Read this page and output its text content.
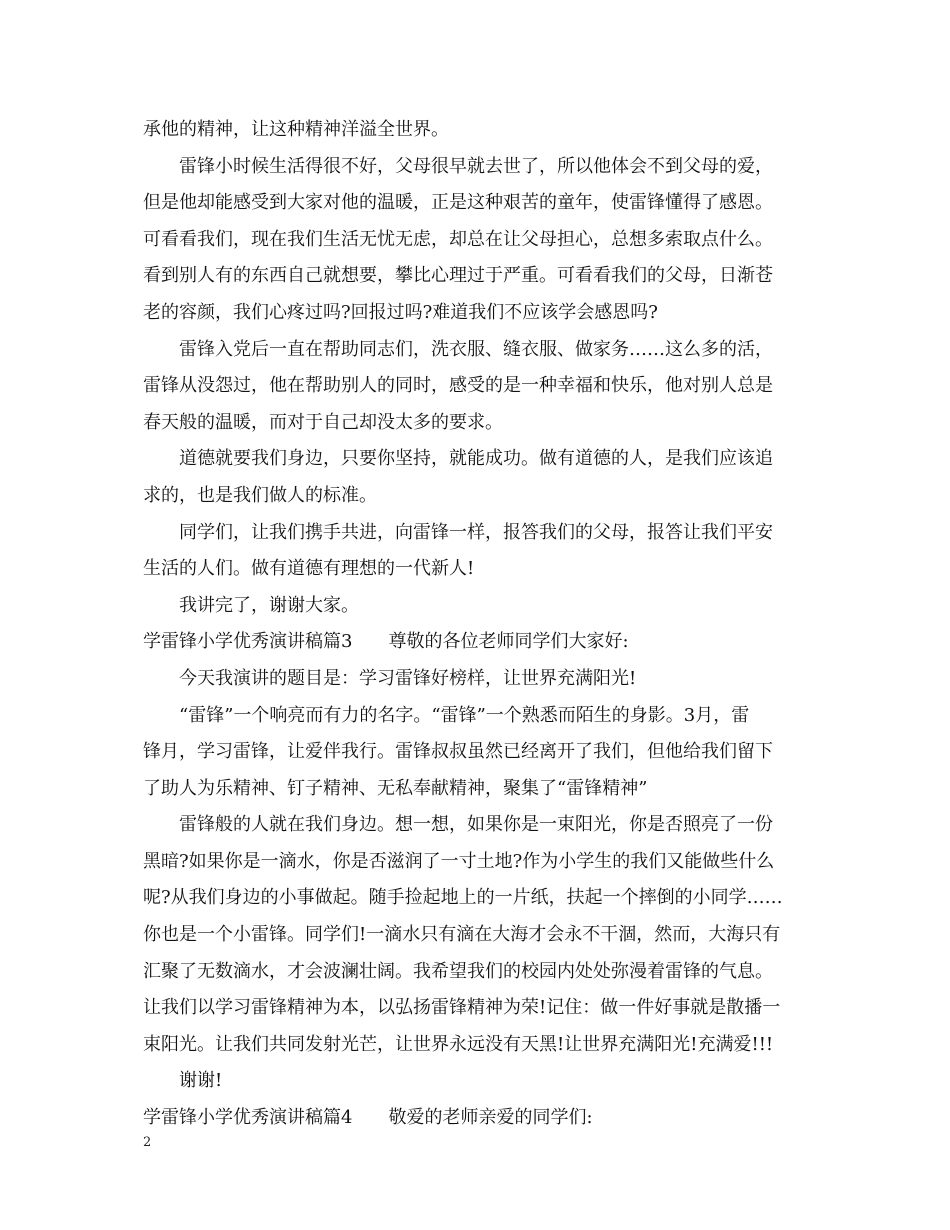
承他的精神，让这种精神洋溢全世界。
雷锋小时候生活得很不好，父母很早就去世了，所以他体会不到父母的爱，
但是他却能感受到大家对他的温暖，正是这种艰苦的童年，使雷锋懂得了感恩。
可看看我们，现在我们生活无忧无虑，却总在让父母担心，总想多索取点什么。
看到别人有的东西自己就想要，攀比心理过于严重。可看看我们的父母，日渐苍
老的容颜，我们心疼过吗?回报过吗?难道我们不应该学会感恩吗?
雷锋入党后一直在帮助同志们，洗衣服、缝衣服、做家务……这么多的活，
雷锋从没怨过，他在帮助别人的同时，感受的是一种幸福和快乐，他对别人总是
春天般的温暖，而对于自己却没太多的要求。
道德就要我们身边，只要你坚持，就能成功。做有道德的人，是我们应该追
求的，也是我们做人的标准。
同学们，让我们携手共进，向雷锋一样，报答我们的父母，报答让我们平安
生活的人们。做有道德有理想的一代新人!
我讲完了，谢谢大家。
学雷锋小学优秀演讲稿篇3 尊敬的各位老师同学们大家好:
今天我演讲的题目是：学习雷锋好榜样，让世界充满阳光!
“雷锋”一个响亮而有力的名字。“雷锋”一个熟悉而陌生的身影。3月，雷
锋月，学习雷锋，让爱伴我行。雷锋叔叔虽然已经离开了我们，但他给我们留下
了助人为乐精神、钉子精神、无私奉献精神，聚集了“雷锋精神”
雷锋般的人就在我们身边。想一想，如果你是一束阳光，你是否照亮了一份
黑暗?如果你是一滴水，你是否滋润了一寸土地?作为小学生的我们又能做些什么
呢?从我们身边的小事做起。随手捡起地上的一片纸，扶起一个摔倒的小同学……
你也是一个小雷锋。同学们!一滴水只有滴在大海才会永不干涸，然而，大海只有
汇聚了无数滴水，才会波澜壮阔。我希望我们的校园内处处弥漫着雷锋的气息。
让我们以学习雷锋精神为本，以弘扬雷锋精神为荣!记住：做一件好事就是散播一
束阳光。让我们共同发射光芒，让世界永远没有天黑!让世界充满阳光!充满爱!!!
谢谢!
学雷锋小学优秀演讲稿篇4 敬爱的老师亲爱的同学们:
2
